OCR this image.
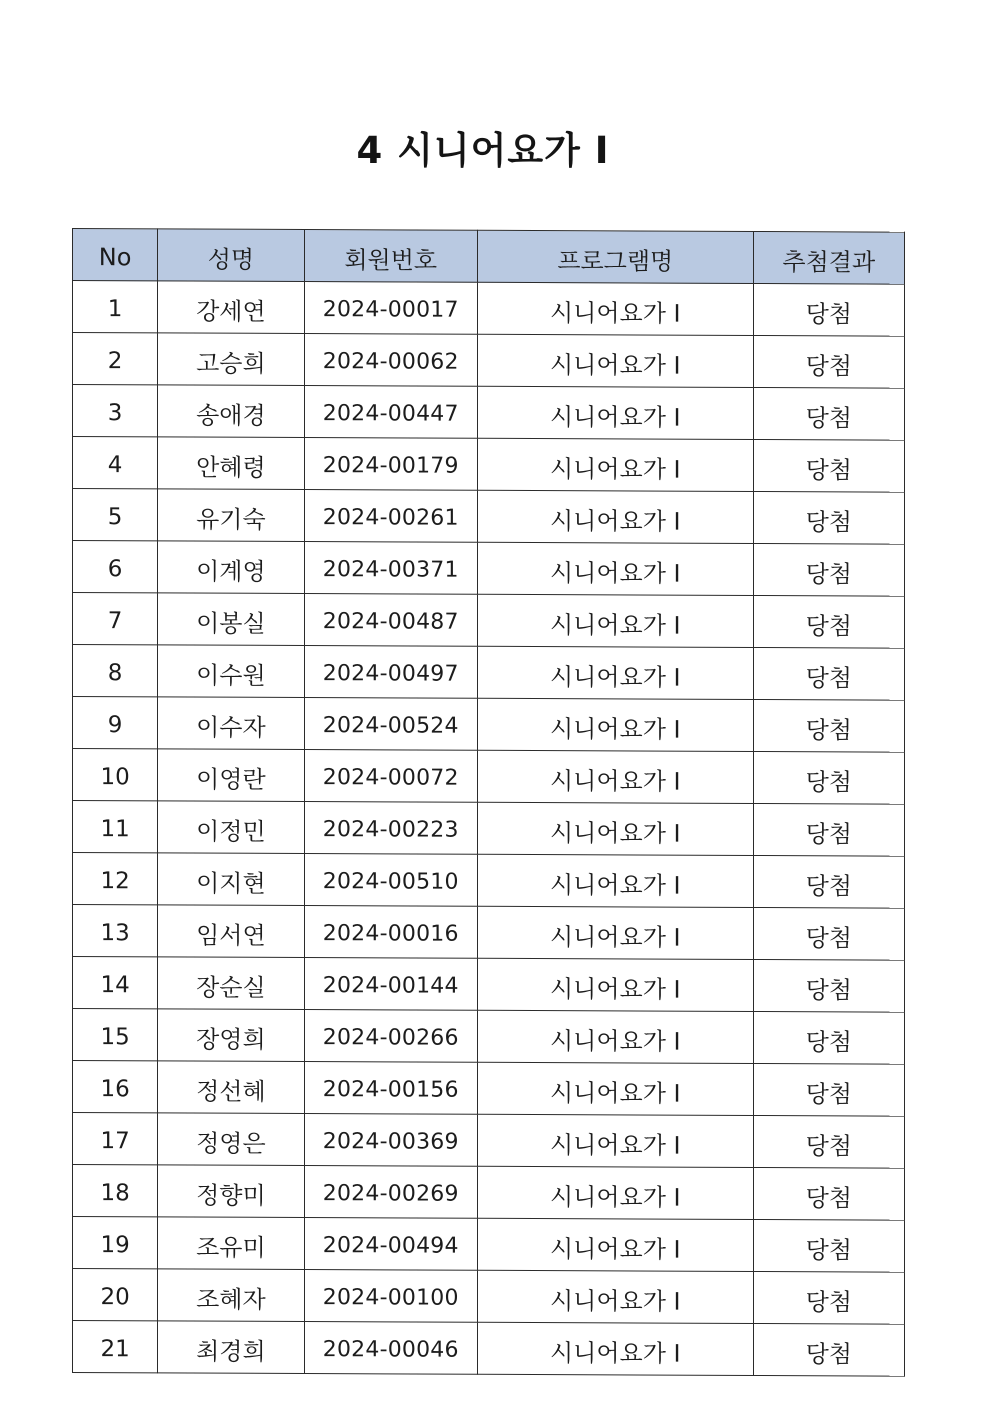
4 시니어요가 I
No	성명	회원번호	프로그램명	추첨결과
1	강세연	2024-00017	시니어요가 I	당첨
2	고승희	2024-00062	시니어요가 I	당첨
3	송애경	2024-00447	시니어요가 I	당첨
4	안혜령	2024-00179	시니어요가 I	당첨
5	유기숙	2024-00261	시니어요가 I	당첨
6	이계영	2024-00371	시니어요가 I	당첨
7	이봉실	2024-00487	시니어요가 I	당첨
8	이수원	2024-00497	시니어요가 I	당첨
9	이수자	2024-00524	시니어요가 I	당첨
10	이영란	2024-00072	시니어요가 I	당첨
11	이정민	2024-00223	시니어요가 I	당첨
12	이지현	2024-00510	시니어요가 I	당첨
13	임서연	2024-00016	시니어요가 I	당첨
14	장순실	2024-00144	시니어요가 I	당첨
15	장영희	2024-00266	시니어요가 I	당첨
16	정선혜	2024-00156	시니어요가 I	당첨
17	정영은	2024-00369	시니어요가 I	당첨
18	정향미	2024-00269	시니어요가 I	당첨
19	조유미	2024-00494	시니어요가 I	당첨
20	조혜자	2024-00100	시니어요가 I	당첨
21	최경희	2024-00046	시니어요가 I	당첨
